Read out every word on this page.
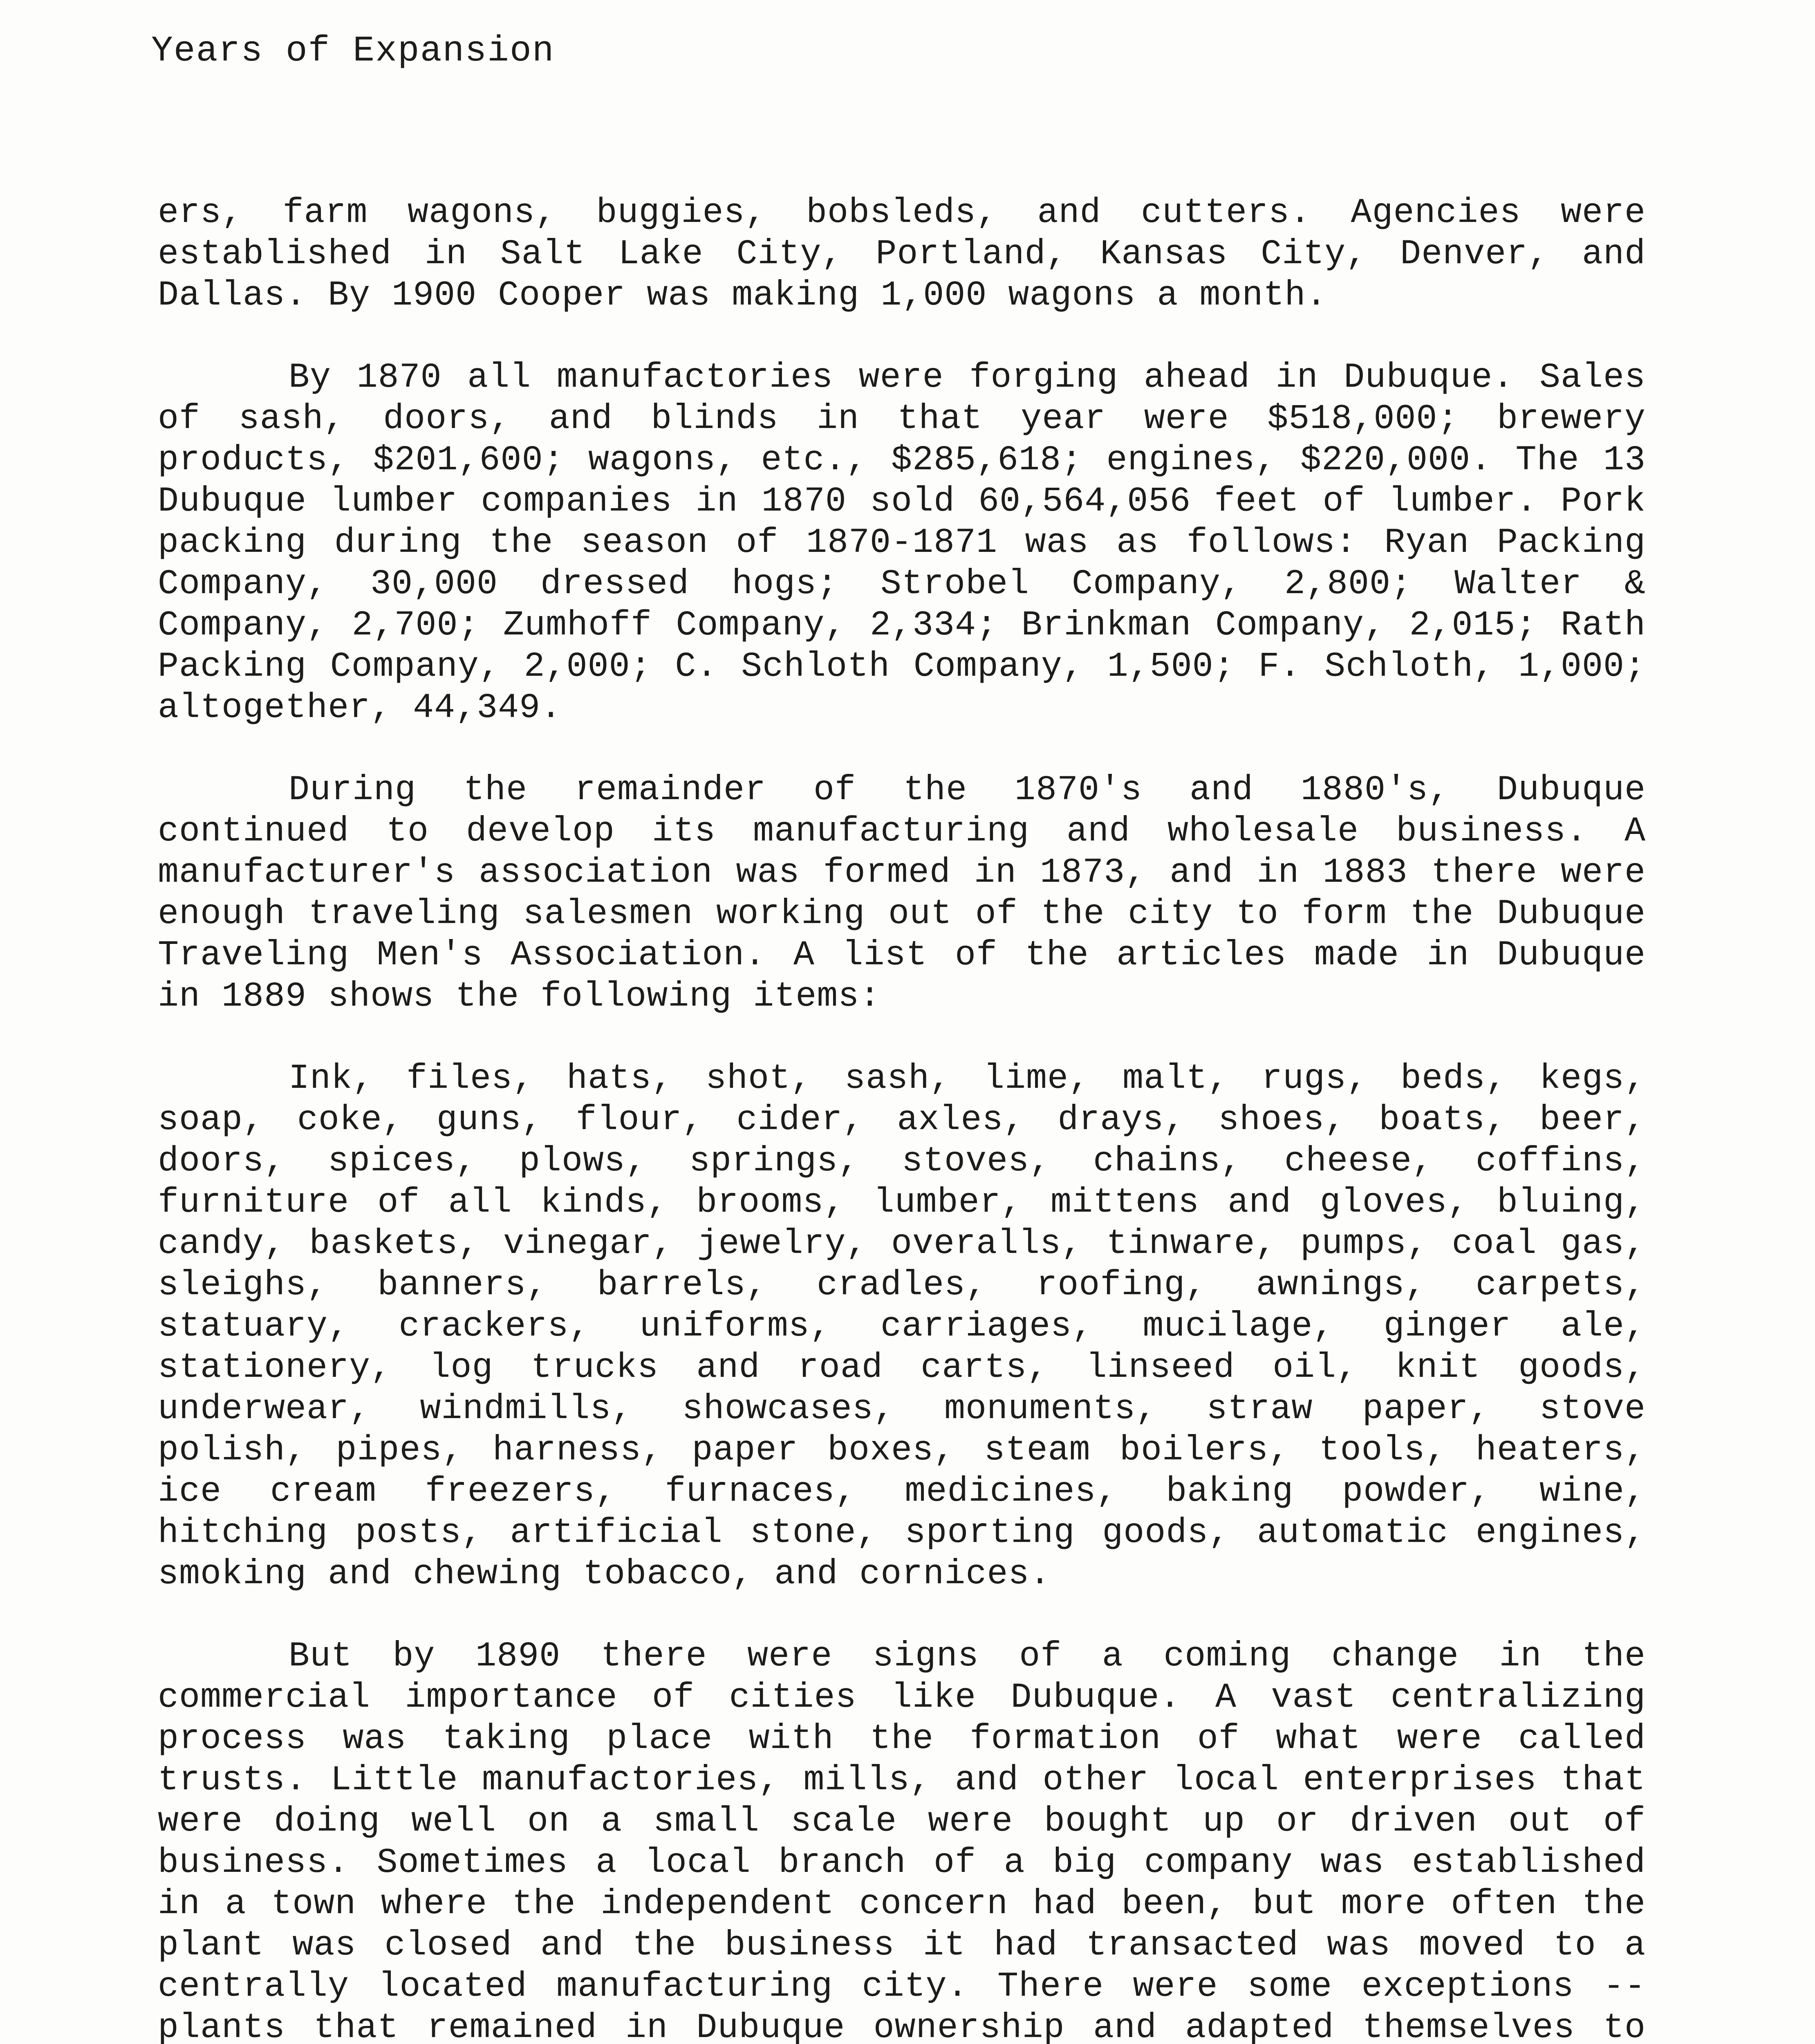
Years of Expansion

ers, farm wagons, buggies, bobsleds, and cutters. Agencies were established in Salt Lake City, Portland, Kansas City, Denver, and Dallas. By 1900 Cooper was making 1,000 wagons a month.

By 1870 all manufactories were forging ahead in Dubuque. Sales of sash, doors, and blinds in that year were $518,000; brewery products, $201,600; wagons, etc., $285,618; engines, $220,000. The 13 Dubuque lumber companies in 1870 sold 60,564,056 feet of lumber. Pork packing during the season of 1870-1871 was as follows: Ryan Packing Company, 30,000 dressed hogs; Strobel Company, 2,800; Walter & Company, 2,700; Zumhoff Company, 2,334; Brinkman Company, 2,015; Rath Packing Company, 2,000; C. Schloth Company, 1,500; F. Schloth, 1,000; altogether, 44,349.

During the remainder of the 1870's and 1880's, Dubuque continued to develop its manufacturing and wholesale business. A manufacturer's association was formed in 1873, and in 1883 there were enough traveling salesmen working out of the city to form the Dubuque Traveling Men's Association. A list of the articles made in Dubuque in 1889 shows the following items:

Ink, files, hats, shot, sash, lime, malt, rugs, beds, kegs, soap, coke, guns, flour, cider, axles, drays, shoes, boats, beer, doors, spices, plows, springs, stoves, chains, cheese, coffins, furniture of all kinds, brooms, lumber, mittens and gloves, bluing, candy, baskets, vinegar, jewelry, overalls, tinware, pumps, coal gas, sleighs, banners, barrels, cradles, roofing, awnings, carpets, statuary, crackers, uniforms, carriages, mucilage, ginger ale, stationery, log trucks and road carts, linseed oil, knit goods, underwear, windmills, showcases, monuments, straw paper, stove polish, pipes, harness, paper boxes, steam boilers, tools, heaters, ice cream freezers, furnaces, medicines, baking powder, wine, hitching posts, artificial stone, sporting goods, automatic engines, smoking and chewing tobacco, and cornices.

But by 1890 there were signs of a coming change in the commercial importance of cities like Dubuque. A vast centralizing process was taking place with the formation of what were called trusts. Little manufactories, mills, and other local enterprises that were doing well on a small scale were bought up or driven out of business. Sometimes a local branch of a big company was established in a town where the independent concern had been, but more often the plant was closed and the business it had transacted was moved to a centrally located manufacturing city. There were some exceptions -- plants that remained in Dubuque ownership and adapted themselves to
